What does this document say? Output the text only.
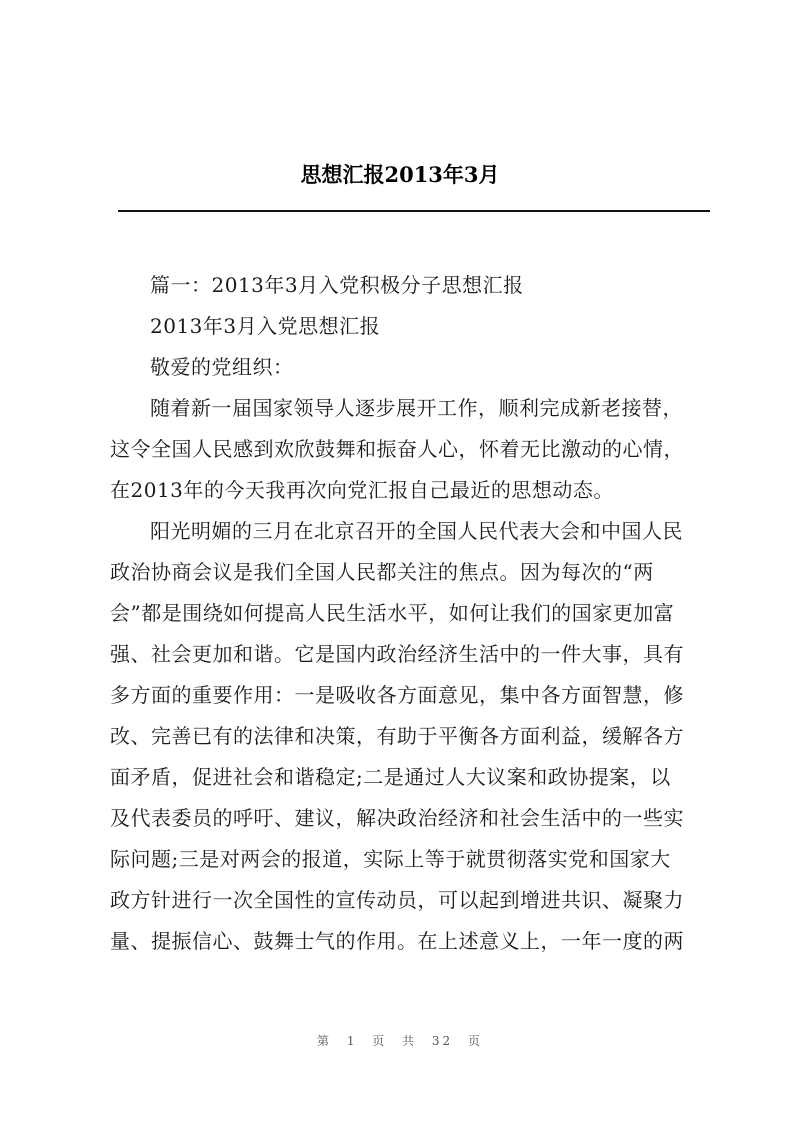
思想汇报2013年3月
篇一：2013年3月入党积极分子思想汇报
2013年3月入党思想汇报
敬爱的党组织：
随着新一届国家领导人逐步展开工作，顺利完成新老接替，
这令全国人民感到欢欣鼓舞和振奋人心，怀着无比激动的心情，
在2013年的今天我再次向党汇报自己最近的思想动态。
阳光明媚的三月在北京召开的全国人民代表大会和中国人民
政治协商会议是我们全国人民都关注的焦点。因为每次的“两
会”都是围绕如何提高人民生活水平，如何让我们的国家更加富
强、社会更加和谐。它是国内政治经济生活中的一件大事，具有
多方面的重要作用：一是吸收各方面意见，集中各方面智慧，修
改、完善已有的法律和决策，有助于平衡各方面利益，缓解各方
面矛盾，促进社会和谐稳定;二是通过人大议案和政协提案，以
及代表委员的呼吁、建议，解决政治经济和社会生活中的一些实
际问题;三是对两会的报道，实际上等于就贯彻落实党和国家大
政方针进行一次全国性的宣传动员，可以起到增进共识、凝聚力
量、提振信心、鼓舞士气的作用。在上述意义上，一年一度的两
第 1 页 共 32 页
